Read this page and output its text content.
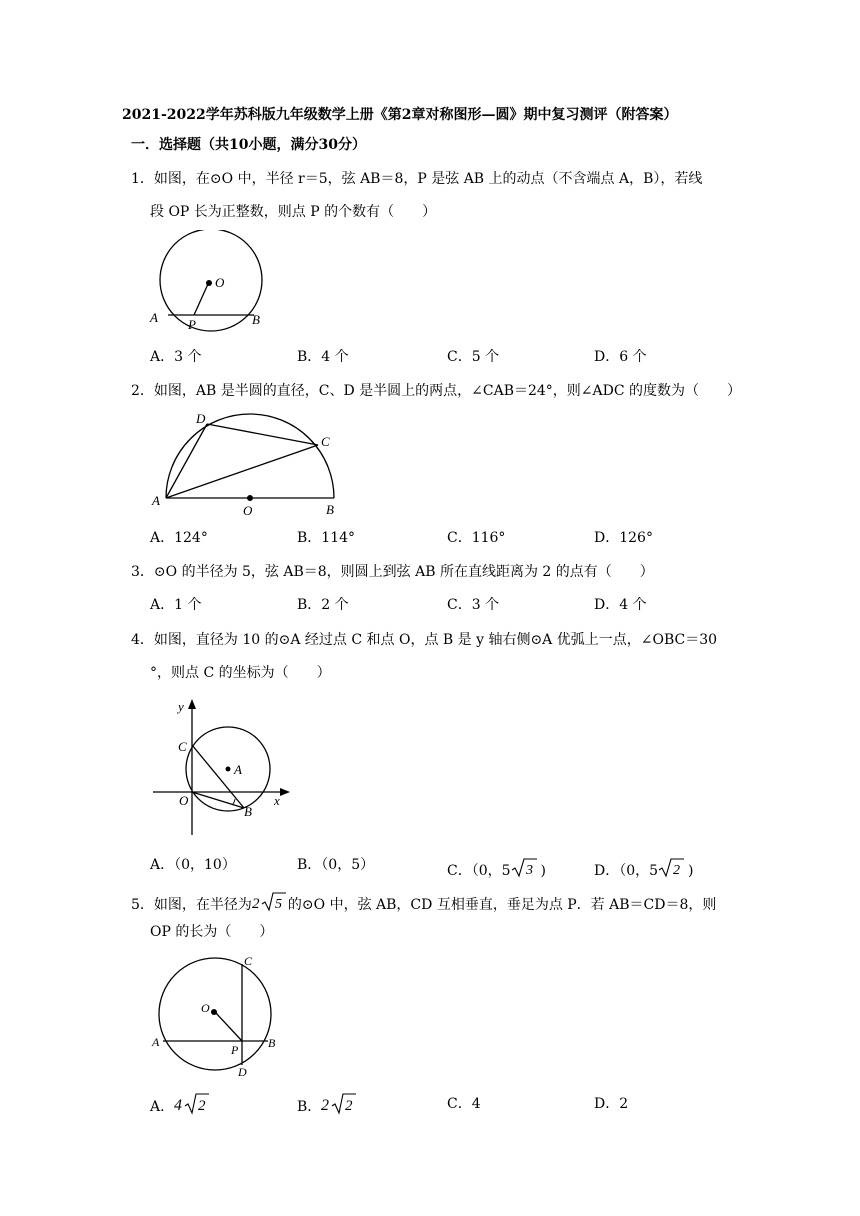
2021-2022学年苏科版九年级数学上册《第2章对称图形—圆》期中复习测评（附答案）
一．选择题（共10小题，满分30分）
1．如图，在⊙O 中，半径 r＝5，弦 AB＝8，P 是弦 AB 上的动点（不含端点 A，B），若线
段 OP 长为正整数，则点 P 的个数有（　　）
O
A P	B
A．3 个	B．4 个	C．5 个	D．6 个
2．如图，AB 是半圆的直径，C、D 是半圆上的两点，∠CAB＝24°，则∠ADC 的度数为（　　）
D
C
A
O	B
A．124°	B．114°	C．116°	D．126°
3．⊙O 的半径为 5，弦 AB＝8，则圆上到弦 AB 所在直线距离为 2 的点有（　　）
A．1 个	B．2 个	C．3 个	D．4 个
4．如图，直径为 10 的⊙A 经过点 C 和点 O，点 B 是 y 轴右侧⊙A 优弧上一点，∠OBC＝30
°，则点 C 的坐标为（　　）
y
C
A
O
B
x
A．（0，10）	B．（0，5）	C．（0，5 3 )	D．（0，5 2 )
5．如图，在半径为 2 5 的⊙O 中，弦 AB，CD 互相垂直，垂足为点 P．若 AB＝CD＝8，则
OP 的长为（　　）
C
O
A
P B
D
A． 4 2	B． 2 2	C．4	D．2
